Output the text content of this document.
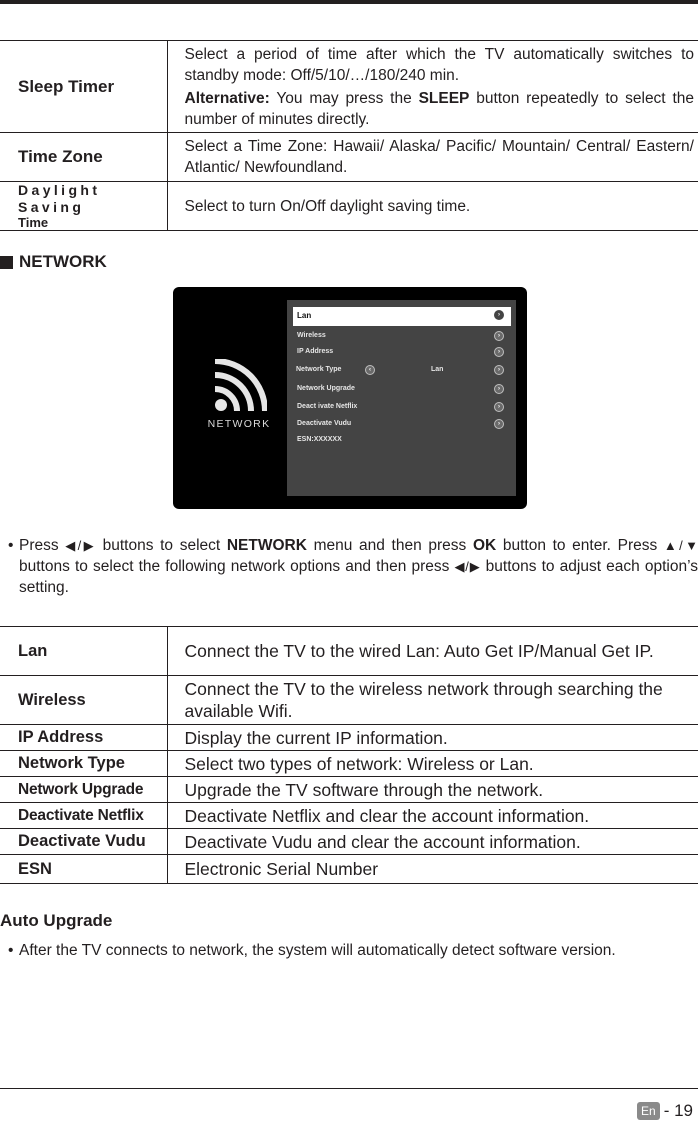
Sleep Timer	Select a period of time after which the TV automatically switches to standby mode: Off/5/10/…/180/240 min.
Alternative: You may press the SLEEP button repeatedly to select the number of minutes directly.

Time Zone	Select a Time Zone: Hawaii/ Alaska/ Pacific/ Mountain/ Central/ Eastern/ Atlantic/ Newfoundland.

Daylight Saving
Time	Select to turn On/Off daylight saving time.
NETWORK
NETWORK
Lan	›
Wireless	›
IP Address	›
Network Type	‹	Lan	›
Network Upgrade	›
Deact ivate Netflix	›
Deactivate Vudu	›
ESN:XXXXXX
• Press ◀/▶ buttons to select NETWORK menu and then press OK button to enter. Press ▲/▼ buttons to select the following network options and then press ◀/▶ buttons to adjust each option’s setting.
Lan	Connect the TV to the wired Lan: Auto Get IP/Manual Get IP.
Wireless	Connect the TV to the wireless network through searching the available Wifi.
IP Address	Display the current IP information.
Network Type	Select two types of network: Wireless or Lan.
Network Upgrade	Upgrade the TV software through the network.
Deactivate Netflix	Deactivate Netflix and clear the account information.
Deactivate Vudu	Deactivate Vudu and clear the account information.
ESN	Electronic Serial Number
Auto Upgrade
• After the TV connects to network, the system will automatically detect software version.
En - 19
